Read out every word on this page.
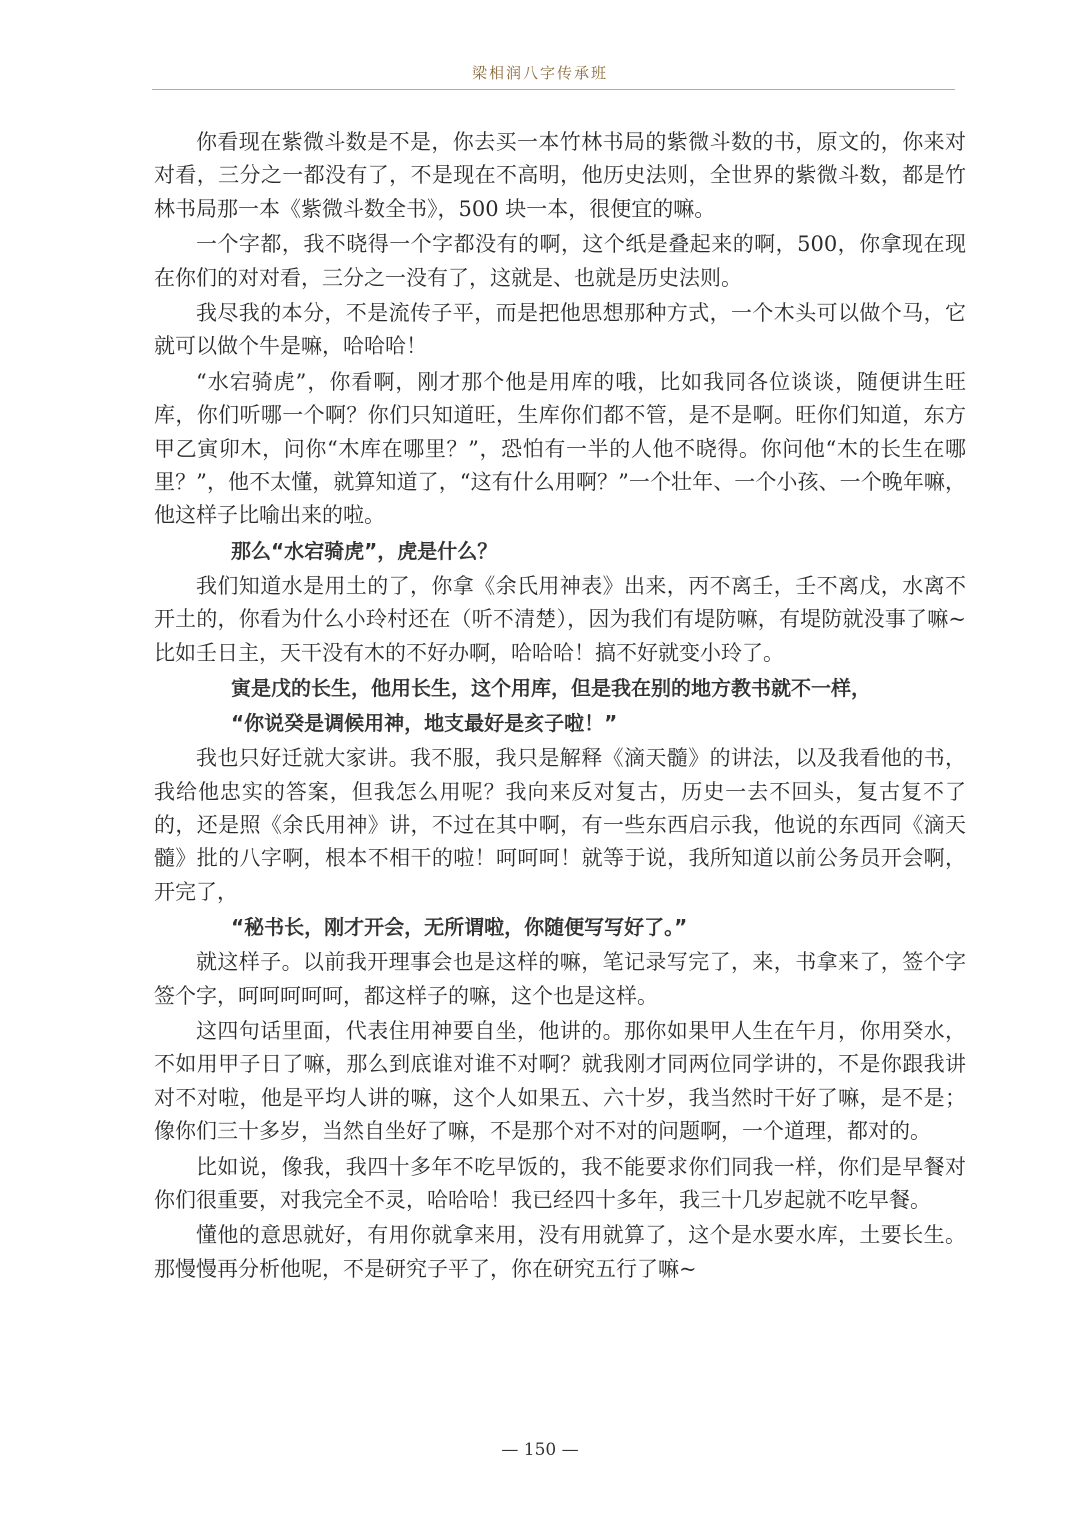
梁相润八字传承班

你看现在紫微斗数是不是，你去买一本竹林书局的紫微斗数的书，原文的，你来对对看，三分之一都没有了，不是现在不高明，他历史法则，全世界的紫微斗数，都是竹林书局那一本《紫微斗数全书》，500 块一本，很便宜的嘛。

一个字都，我不晓得一个字都没有的啊，这个纸是叠起来的啊，500，你拿现在现在你们的对对看，三分之一没有了，这就是、也就是历史法则。

我尽我的本分，不是流传子平，而是把他思想那种方式，一个木头可以做个马，它就可以做个牛是嘛，哈哈哈！

“水宕骑虎”，你看啊，刚才那个他是用库的哦，比如我同各位谈谈，随便讲生旺库，你们听哪一个啊？你们只知道旺，生库你们都不管，是不是啊。旺你们知道，东方甲乙寅卯木，问你“木库在哪里？”，恐怕有一半的人他不晓得。你问他“木的长生在哪里？”，他不太懂，就算知道了，“这有什么用啊？”一个壮年、一个小孩、一个晚年嘛，他这样子比喻出来的啦。

那么“水宕骑虎”，虎是什么？

我们知道水是用土的了，你拿《余氏用神表》出来，丙不离壬，壬不离戊，水离不开土的，你看为什么小玲村还在（听不清楚），因为我们有堤防嘛，有堤防就没事了嘛~比如壬日主，天干没有木的不好办啊，哈哈哈！搞不好就变小玲了。

寅是戊的长生，他用长生，这个用库，但是我在别的地方教书就不一样，

“你说癸是调候用神，地支最好是亥子啦！”

我也只好迁就大家讲。我不服，我只是解释《滴天髓》的讲法，以及我看他的书，我给他忠实的答案，但我怎么用呢？我向来反对复古，历史一去不回头，复古复不了的，还是照《余氏用神》讲，不过在其中啊，有一些东西启示我，他说的东西同《滴天髓》批的八字啊，根本不相干的啦！呵呵呵！就等于说，我所知道以前公务员开会啊，开完了，

“秘书长，刚才开会，无所谓啦，你随便写写好了。”

就这样子。以前我开理事会也是这样的嘛，笔记录写完了，来，书拿来了，签个字签个字，呵呵呵呵呵，都这样子的嘛，这个也是这样。

这四句话里面，代表住用神要自坐，他讲的。那你如果甲人生在午月，你用癸水，不如用甲子日了嘛，那么到底谁对谁不对啊？就我刚才同两位同学讲的，不是你跟我讲对不对啦，他是平均人讲的嘛，这个人如果五、六十岁，我当然时干好了嘛，是不是；像你们三十多岁，当然自坐好了嘛，不是那个对不对的问题啊，一个道理，都对的。

比如说，像我，我四十多年不吃早饭的，我不能要求你们同我一样，你们是早餐对你们很重要，对我完全不灵，哈哈哈！我已经四十多年，我三十几岁起就不吃早餐。

懂他的意思就好，有用你就拿来用，没有用就算了，这个是水要水库，土要长生。那慢慢再分析他呢，不是研究子平了，你在研究五行了嘛~

— 150 —
